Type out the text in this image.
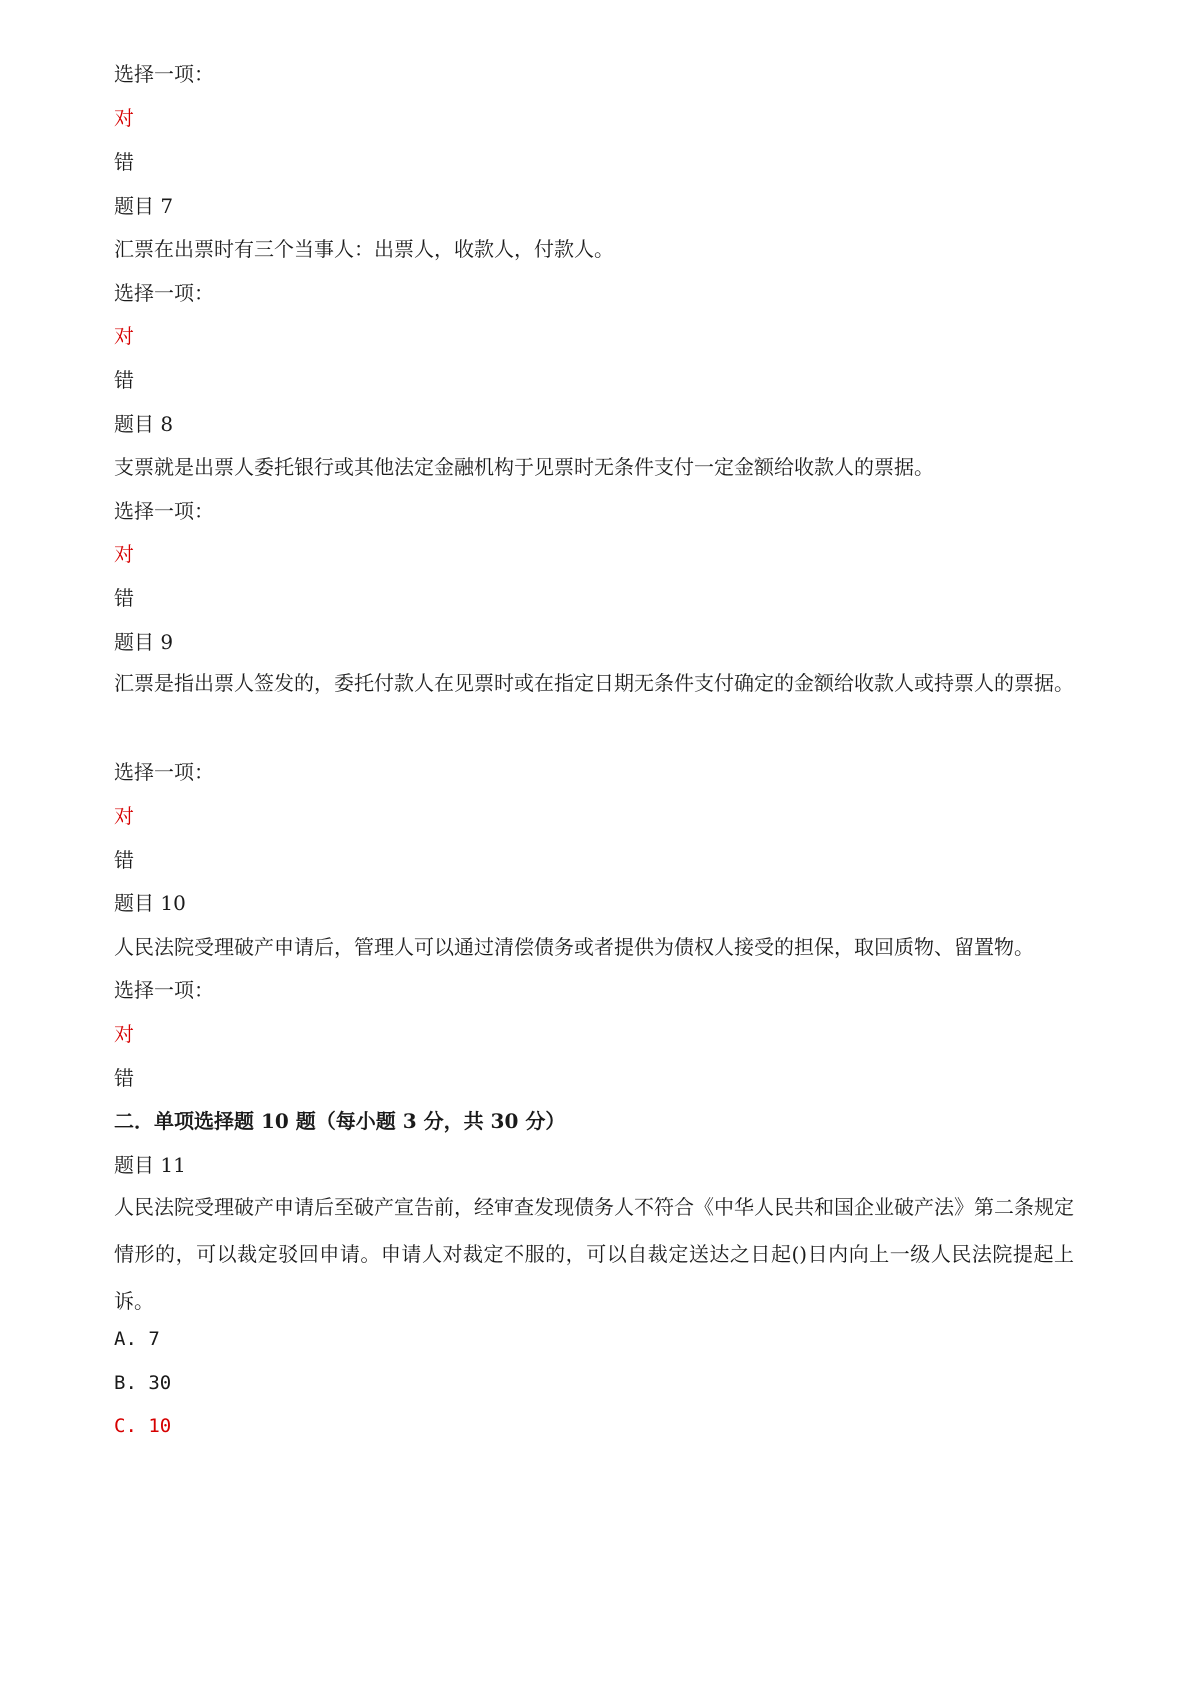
选择一项：
对
错
题目 7
汇票在出票时有三个当事人：出票人，收款人，付款人。
选择一项：
对
错
题目 8
支票就是出票人委托银行或其他法定金融机构于见票时无条件支付一定金额给收款人的票据。
选择一项：
对
错
题目 9
汇票是指出票人签发的，委托付款人在见票时或在指定日期无条件支付确定的金额给收款人或持票人的票据。
选择一项：
对
错
题目 10
人民法院受理破产申请后，管理人可以通过清偿债务或者提供为债权人接受的担保，取回质物、留置物。
选择一项：
对
错
二．单项选择题 10 题（每小题 3 分，共 30 分）
题目 11
人民法院受理破产申请后至破产宣告前，经审查发现债务人不符合《中华人民共和国企业破产法》第二条规定情形的，可以裁定驳回申请。申请人对裁定不服的，可以自裁定送达之日起()日内向上一级人民法院提起上诉。
A. 7
B. 30
C. 10
